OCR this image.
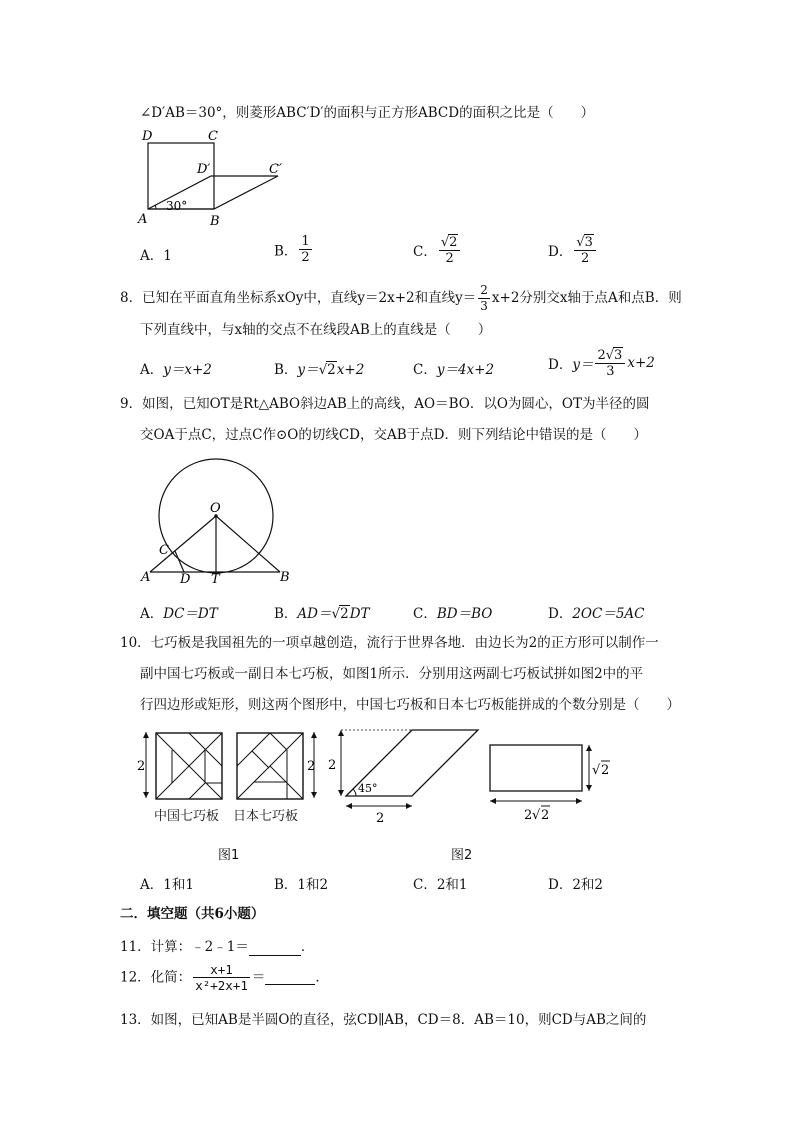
∠D′AB＝30°，则菱形ABC′D′的面积与正方形ABCD的面积之比是（　　）
D	C
D′	C′
A	B
30°
A．1	B． $\frac{1}{2}$	C． $\frac{√2}{2}$	D． $\frac{√3}{2}$
8．已知在平面直角坐标系xOy中，直线y＝2x+2和直线$y= \frac{2}{3} x+2$分别交x轴于点A和点B．则
下列直线中，与x轴的交点不在线段AB上的直线是（　　）
A．y＝x+2	B．y＝√2x+2	C．y＝4x+2	D．$y= \frac{2√3}{3} x+2$
9．如图，已知OT是Rt△ABO斜边AB上的高线，AO＝BO．以O为圆心，OT为半径的圆
交OA于点C，过点C作⊙O的切线CD，交AB于点D．则下列结论中错误的是（　　）
O
C
A D T	B
A．DC＝DT	B．AD＝√2DT	C．BD＝BO	D．2OC＝5AC
10．七巧板是我国祖先的一项卓越创造，流行于世界各地．由边长为2的正方形可以制作一
副中国七巧板或一副日本七巧板，如图1所示．分别用这两副七巧板试拼如图2中的平
行四边形或矩形，则这两个图形中，中国七巧板和日本七巧板能拼成的个数分别是（　　）
2	2 2
45°
2
√ 2
2 √ 2
中国七巧板 日本七巧板
图1	图2
A．1和1	B．1和2	C．2和1	D．2和2
二．填空题（共6小题）
11．计算：﹣2﹣1＝	．
12．化简： $\frac{x+1}{\text{x²+2x+1}}$ ＝	．
13．如图，已知AB是半圆O的直径，弦CD∥AB，CD＝8．AB＝10，则CD与AB之间的
